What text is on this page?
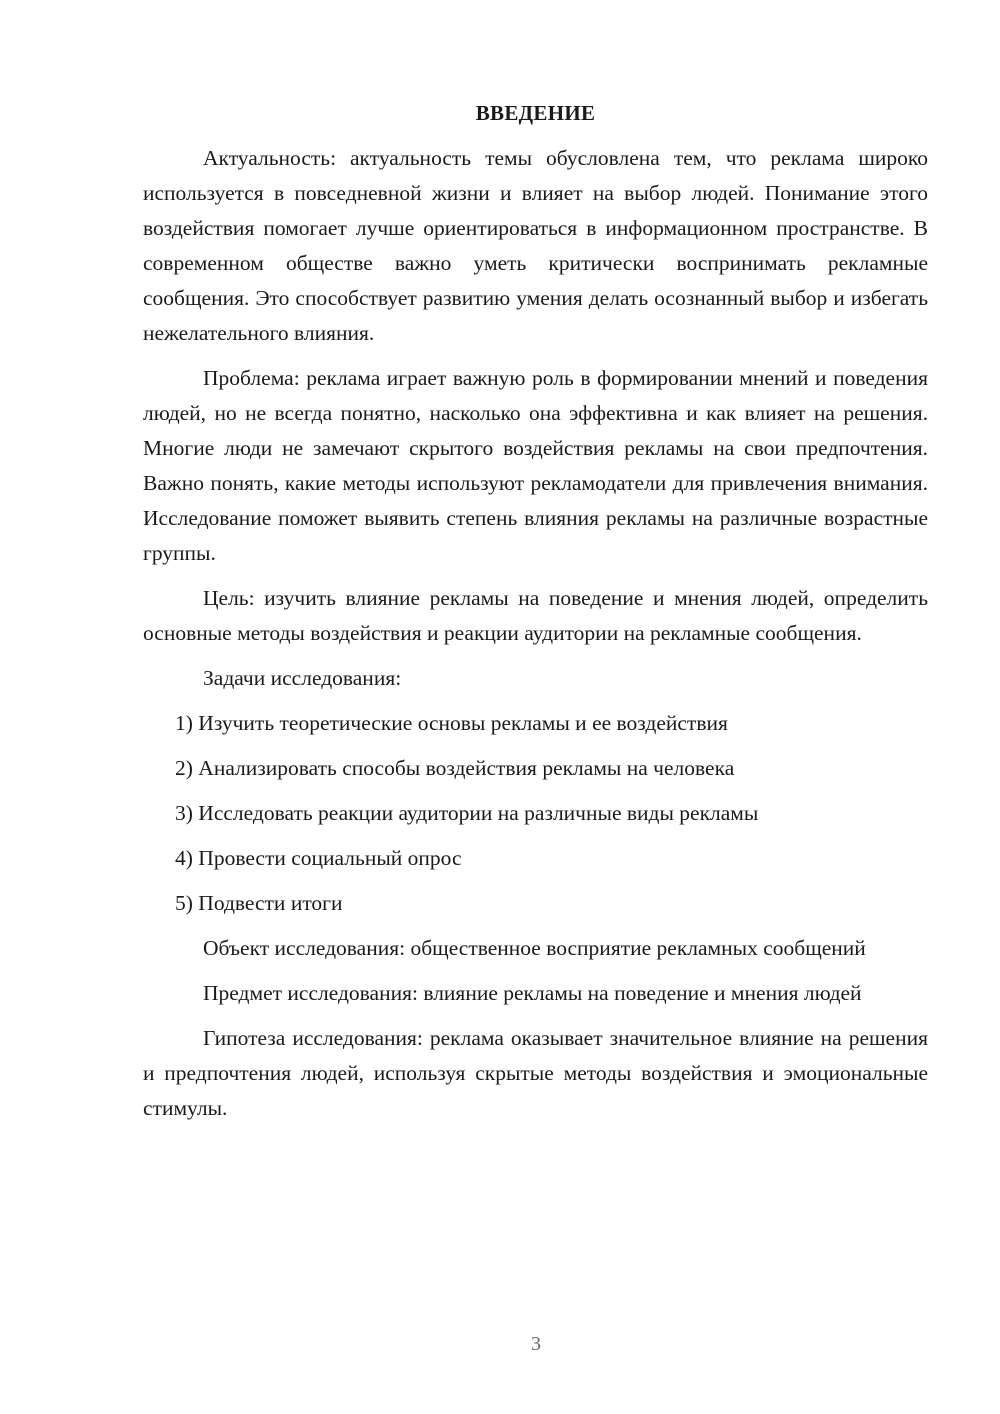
ВВЕДЕНИЕ

Актуальность: актуальность темы обусловлена тем, что реклама широко используется в повседневной жизни и влияет на выбор людей. Понимание этого воздействия помогает лучше ориентироваться в информационном пространстве. В современном обществе важно уметь критически воспринимать рекламные сообщения. Это способствует развитию умения делать осознанный выбор и избегать нежелательного влияния.

Проблема: реклама играет важную роль в формировании мнений и поведения людей, но не всегда понятно, насколько она эффективна и как влияет на решения. Многие люди не замечают скрытого воздействия рекламы на свои предпочтения. Важно понять, какие методы используют рекламодатели для привлечения внимания. Исследование поможет выявить степень влияния рекламы на различные возрастные группы.

Цель: изучить влияние рекламы на поведение и мнения людей, определить основные методы воздействия и реакции аудитории на рекламные сообщения.

Задачи исследования:

1) Изучить теоретические основы рекламы и ее воздействия
2) Анализировать способы воздействия рекламы на человека
3) Исследовать реакции аудитории на различные виды рекламы
4) Провести социальный опрос
5) Подвести итоги

Объект исследования: общественное восприятие рекламных сообщений

Предмет исследования: влияние рекламы на поведение и мнения людей

Гипотеза исследования: реклама оказывает значительное влияние на решения и предпочтения людей, используя скрытые методы воздействия и эмоциональные стимулы.

3
